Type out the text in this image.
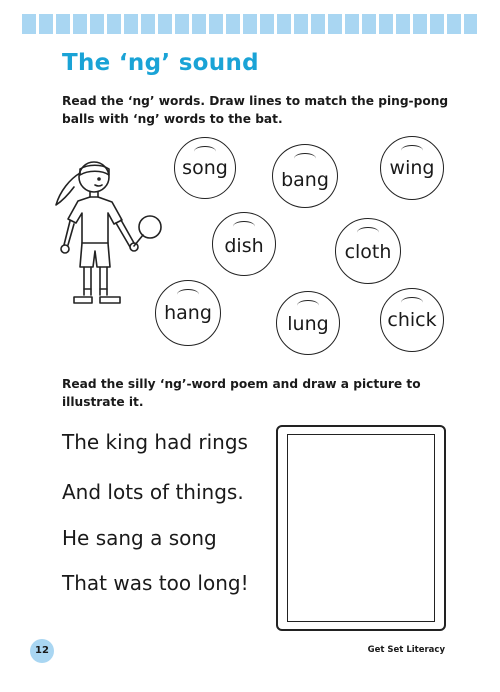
The ‘ng’ sound
Read the ‘ng’ words. Draw lines to match the ping-pong balls with ‘ng’ words to the bat.
song
bang
wing
dish	cloth
hang	lung	chick
Read the silly ‘ng’-word poem and draw a picture to illustrate it.
The king had rings
And lots of things.
He sang a song
That was too long!
12	Get Set Literacy
